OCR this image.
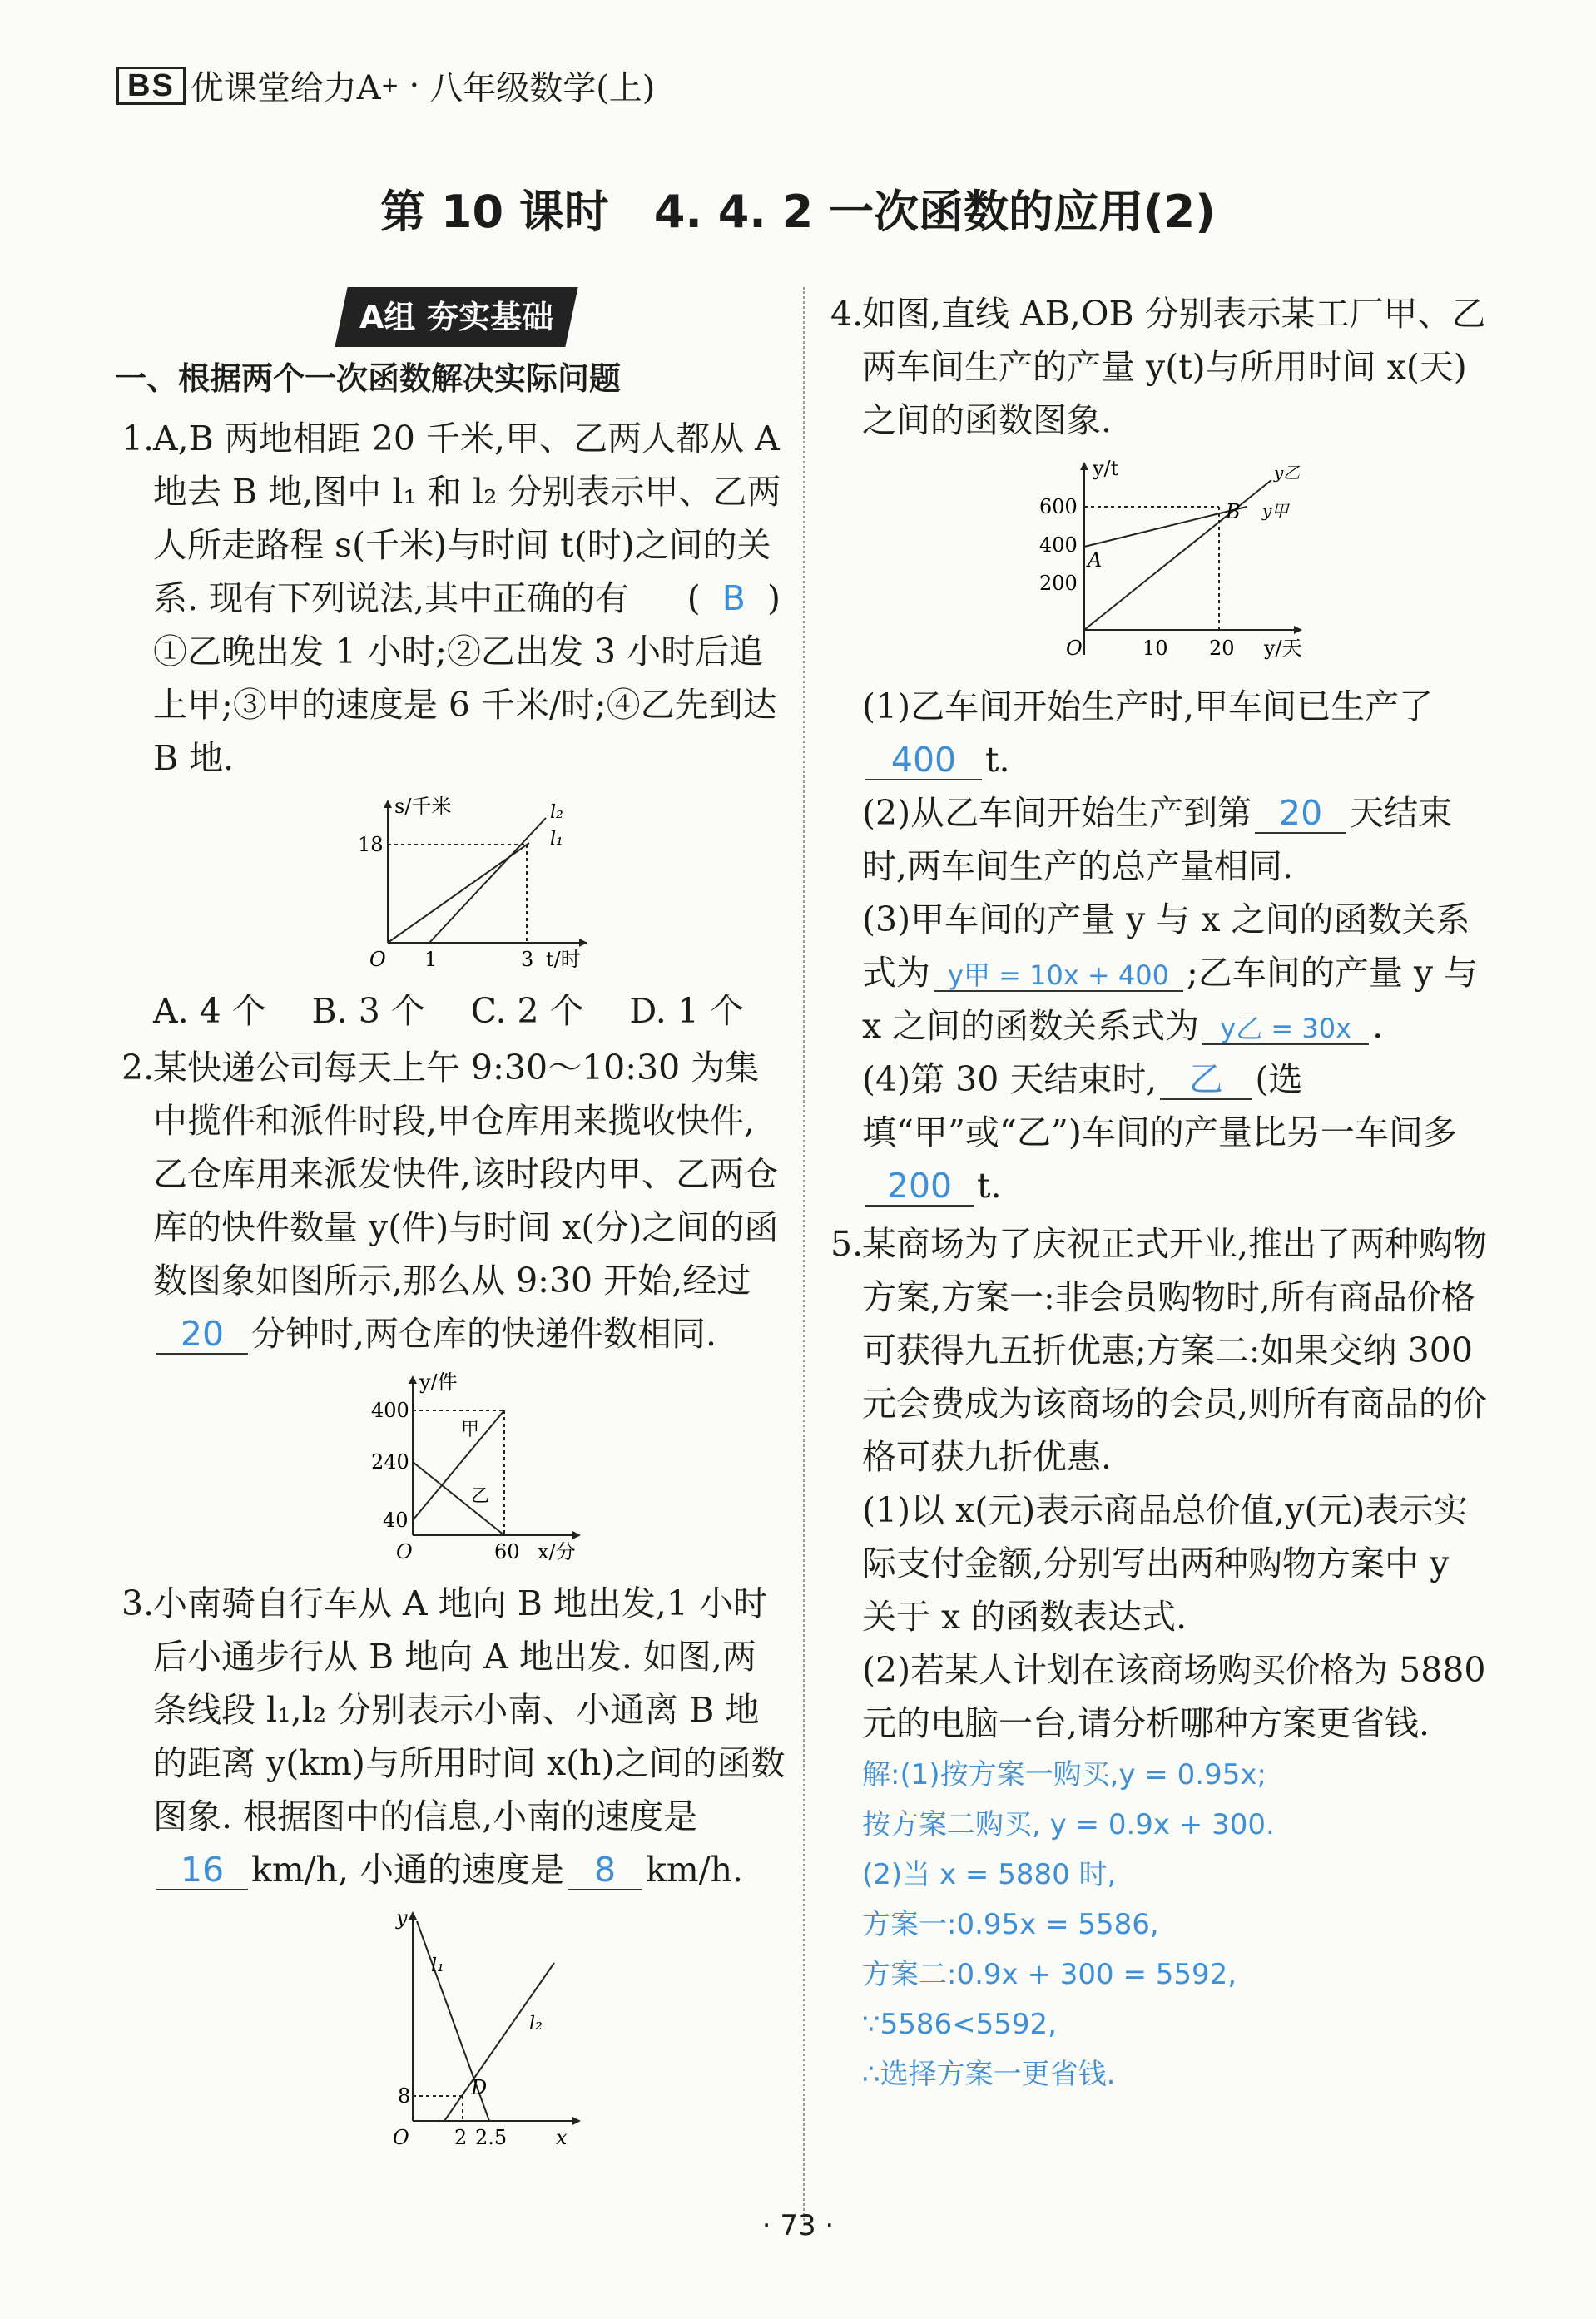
BS 优课堂给力A + · 八年级数学(上)
第 10 课时　4. 4. 2 一次函数的应用(2)
A组 夯实基础
一、根据两个一次函数解决实际问题
1.A,B 两地相距 20 千米,甲、乙两人都从 A 地去 B 地,图中 l₁ 和 l₂ 分别表示甲、乙两人所走路程 s(千米)与时间 t(时)之间的关系. 现有下列说法,其中正确的有 ( B )
①乙晚出发 1 小时;②乙出发 3 小时后追上甲;③甲的速度是 6 千米/时;④乙先到达 B 地.
s/千米
t/时
O
18
1	3
l₂
l₁
A. 4 个 B. 3 个 C. 2 个 D. 1 个
2.某快递公司每天上午 9:30～10:30 为集中揽件和派件时段,甲仓库用来揽收快件,乙仓库用来派发快件,该时段内甲、乙两仓库的快件数量 y(件)与时间 x(分)之间的函数图象如图所示,那么从 9:30 开始,经过 20 分钟时,两仓库的快递件数相同.
y/件
x/分
O
400
240
40
60
甲
乙
3.小南骑自行车从 A 地向 B 地出发,1 小时后小通步行从 B 地向 A 地出发. 如图,两条线段 l₁,l₂ 分别表示小南、小通离 B 地的距离 y(km)与所用时间 x(h)之间的函数图象. 根据图中的信息,小南的速度是 16 km/h, 小通的速度是 8 km/h.
y
x
O
8
2 2.5
D
l₁
l₂
4.如图,直线 AB,OB 分别表示某工厂甲、乙两车间生产的产量 y(t)与所用时间 x(天)之间的函数图象.
y/t
y/天
O
600
400
200
10 20
A
B
y乙
y甲
(1)乙车间开始生产时,甲车间已生产了 400 t.
(2)从乙车间开始生产到第 20 天结束时,两车间生产的总产量相同.
(3)甲车间的产量 y 与 x 之间的函数关系式为 y甲 = 10x + 400 ;乙车间的产量 y 与 x 之间的函数关系式为 y乙 = 30x .
(4)第 30 天结束时, 乙 (选填“甲”或“乙”)车间的产量比另一车间多200 t.
5.某商场为了庆祝正式开业,推出了两种购物方案,方案一:非会员购物时,所有商品价格可获得九五折优惠;方案二:如果交纳 300 元会费成为该商场的会员,则所有商品的价格可获九折优惠.
(1)以 x(元)表示商品总价值,y(元)表示实际支付金额,分别写出两种购物方案中 y 关于 x 的函数表达式.
(2)若某人计划在该商场购买价格为 5880 元的电脑一台,请分析哪种方案更省钱.
解:(1)按方案一购买,y = 0.95x;
按方案二购买, y = 0.9x + 300.
(2)当 x = 5880 时,
方案一:0.95x = 5586,
方案二:0.9x + 300 = 5592,
∵5586<5592,
∴选择方案一更省钱.
· 73 ·
